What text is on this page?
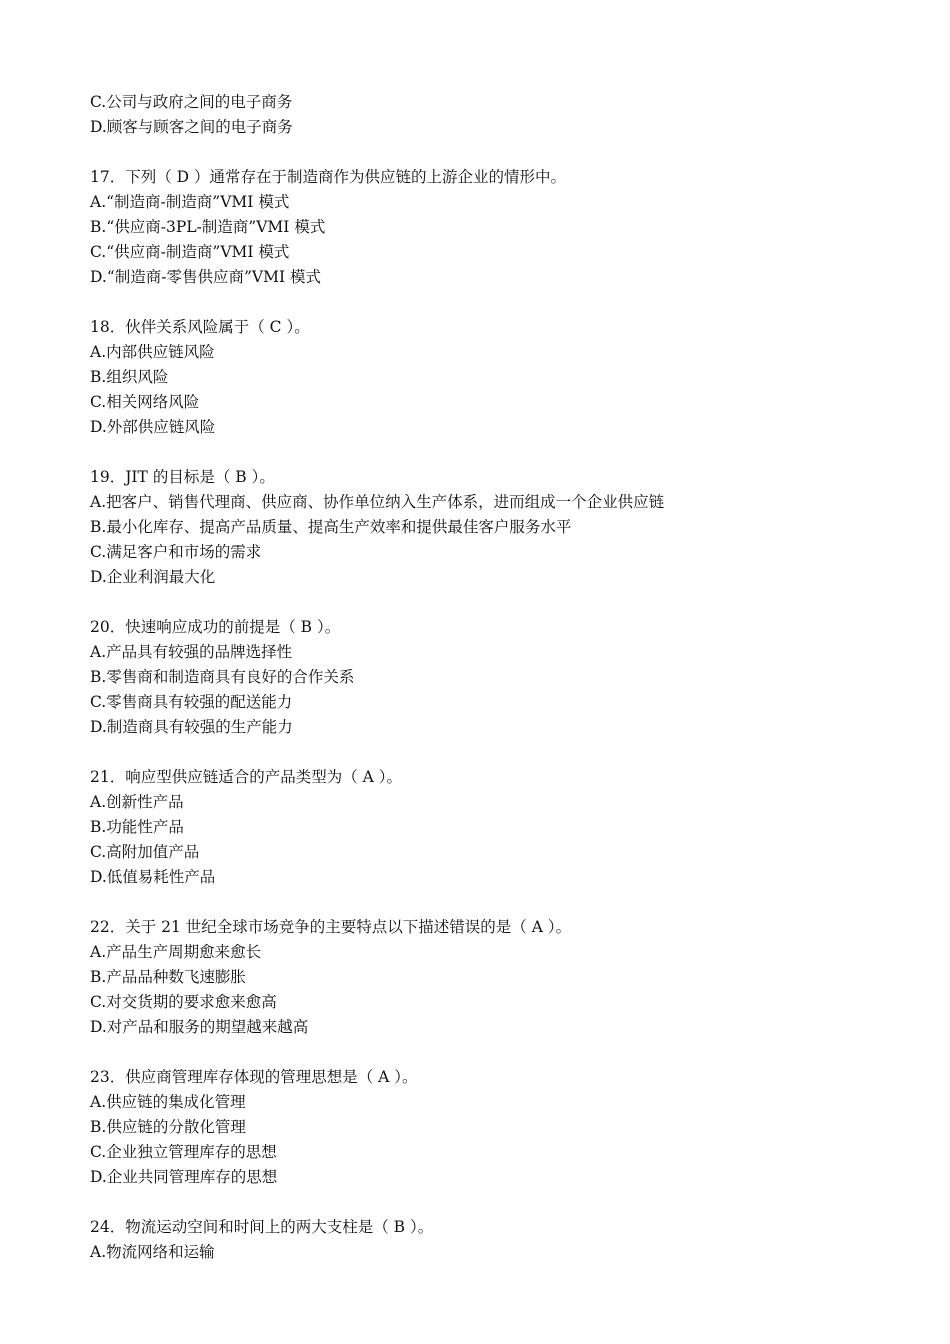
C.公司与政府之间的电子商务
D.顾客与顾客之间的电子商务
17．下列（ D ）通常存在于制造商作为供应链的上游企业的情形中。
A.“制造商-制造商”VMI 模式
B.“供应商-3PL-制造商”VMI 模式
C.“供应商-制造商”VMI 模式
D.“制造商-零售供应商”VMI 模式
18．伙伴关系风险属于（ C ）。
A.内部供应链风险
B.组织风险
C.相关网络风险
D.外部供应链风险
19．JIT 的目标是（ B ）。
A.把客户、销售代理商、供应商、协作单位纳入生产体系，进而组成一个企业供应链
B.最小化库存、提高产品质量、提高生产效率和提供最佳客户服务水平
C.满足客户和市场的需求
D.企业利润最大化
20．快速响应成功的前提是（ B ）。
A.产品具有较强的品牌选择性
B.零售商和制造商具有良好的合作关系
C.零售商具有较强的配送能力
D.制造商具有较强的生产能力
21．响应型供应链适合的产品类型为（ A ）。
A.创新性产品
B.功能性产品
C.高附加值产品
D.低值易耗性产品
22．关于 21 世纪全球市场竞争的主要特点以下描述错误的是（ A ）。
A.产品生产周期愈来愈长
B.产品品种数飞速膨胀
C.对交货期的要求愈来愈高
D.对产品和服务的期望越来越高
23．供应商管理库存体现的管理思想是（ A ）。
A.供应链的集成化管理
B.供应链的分散化管理
C.企业独立管理库存的思想
D.企业共同管理库存的思想
24．物流运动空间和时间上的两大支柱是（ B ）。
A.物流网络和运输
